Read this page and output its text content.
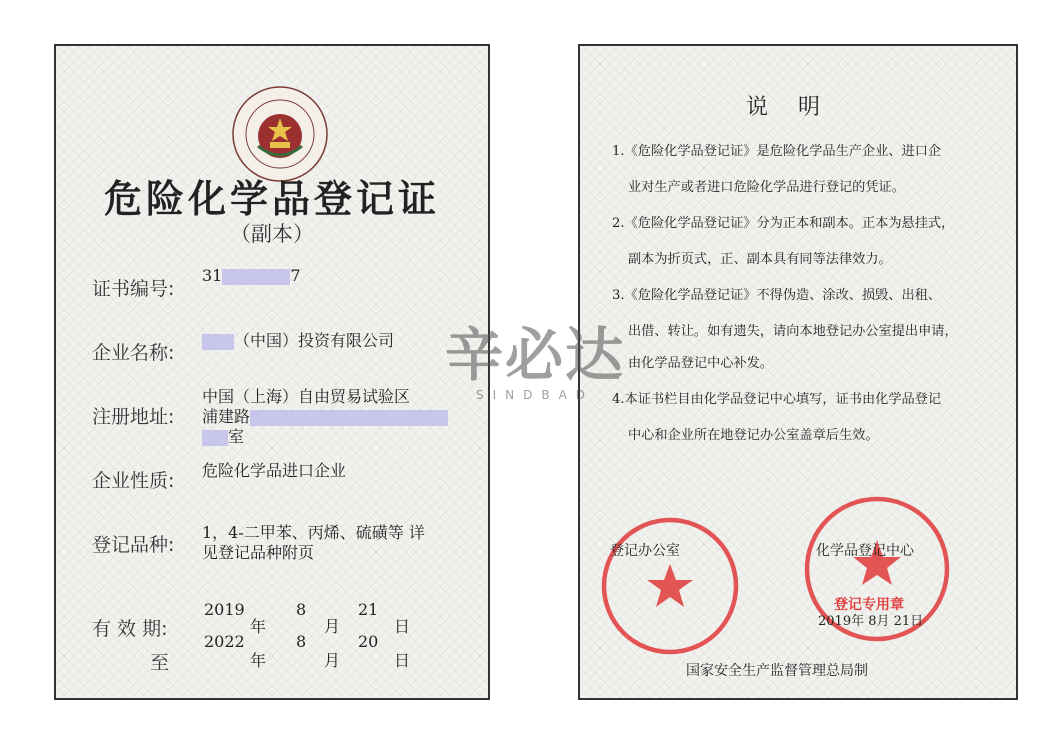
危险化学品登记证
（副本）
证书编号:
31	7
企业名称:
（中国）投资有限公司
注册地址:
中国（上海）自由贸易试验区
浦建路
室
企业性质: 危险化学品进口企业
登记品种:
1，4-二甲苯、丙烯、硫磺等 详
见登记品种附页
有 效 期:
2019
年
8
月
21
日
至
2022
年
8
月
20
日
说明
1.《危险化学品登记证》是危险化学品生产企业、进口企
业对生产或者进口危险化学品进行登记的凭证。
2.《危险化学品登记证》分为正本和副本。正本为悬挂式，
副本为折页式，正、副本具有同等法律效力。
3.《危险化学品登记证》不得伪造、涂改、损毁、出租、
出借、转让。如有遗失，请向本地登记办公室提出申请，
由化学品登记中心补发。
4.本证书栏目由化学品登记中心填写，证书由化学品登记
中心和企业所在地登记办公室盖章后生效。
登记办公室	化学品登记中心
登记专用章
2019年 8月 21日
国家安全生产监督管理总局制
辛必达
SINDBAD
